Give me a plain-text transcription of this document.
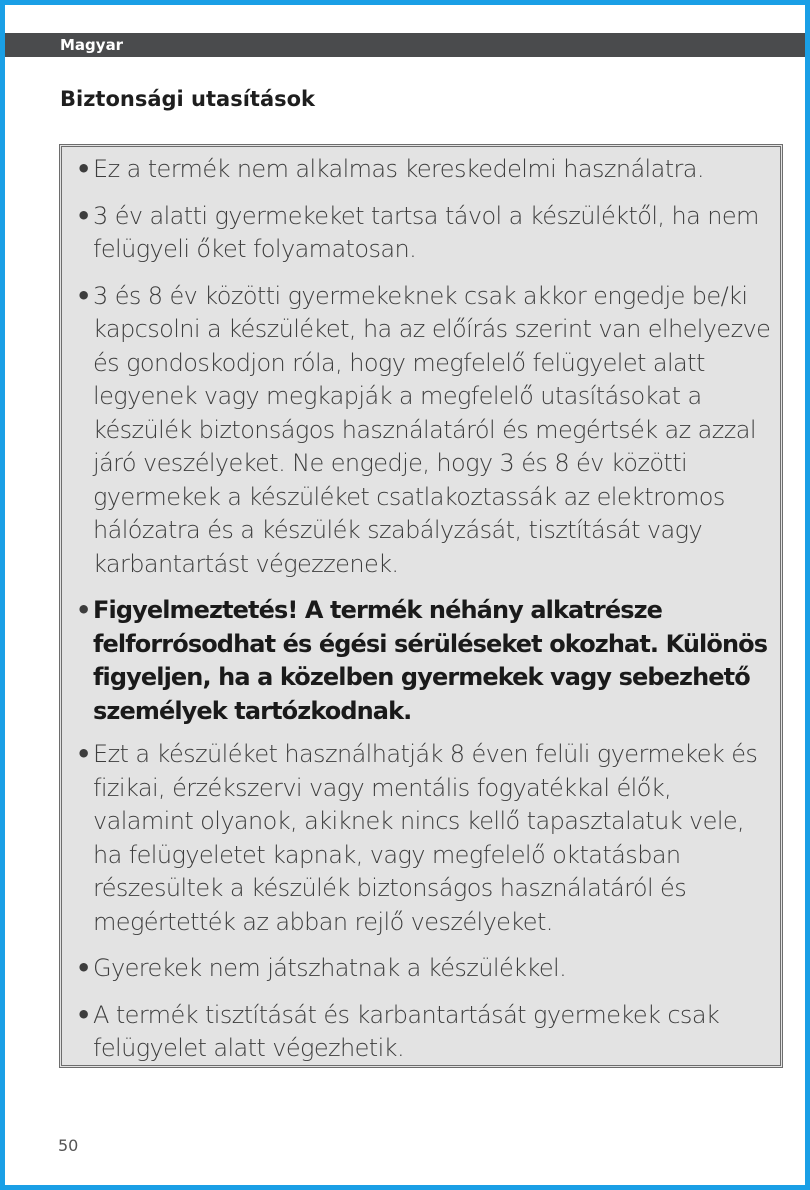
Magyar
Biztonsági utasítások
• Ez a termék nem alkalmas kereskedelmi használatra.
• 3 év alatti gyermekeket tartsa távol a készüléktől, ha nem felügyeli őket folyamatosan.
• 3 és 8 év közötti gyermekeknek csak akkor engedje be/ki kapcsolni a készüléket, ha az előírás szerint van elhelyezve és gondoskodjon róla, hogy megfelelő felügyelet alatt legyenek vagy megkapják a megfelelő utasításokat a készülék biztonságos használatáról és megértsék az azzal járó veszélyeket. Ne engedje, hogy 3 és 8 év közötti gyermekek a készüléket csatlakoztassák az elektromos hálózatra és a készülék szabályzását, tisztítását vagy karbantartást végezzenek.
• Figyelmeztetés! A termék néhány alkatrésze felforrósodhat és égési sérüléseket okozhat. Különös figyeljen, ha a közelben gyermekek vagy sebezhető személyek tartózkodnak.
• Ezt a készüléket használhatják 8 éven felüli gyermekek és fizikai, érzékszervi vagy mentális fogyatékkal élők, valamint olyanok, akiknek nincs kellő tapasztalatuk vele, ha felügyeletet kapnak, vagy megfelelő oktatásban részesültek a készülék biztonságos használatáról és megértették az abban rejlő veszélyeket.
• Gyerekek nem játszhatnak a készülékkel.
• A termék tisztítását és karbantartását gyermekek csak felügyelet alatt végezhetik.
50
